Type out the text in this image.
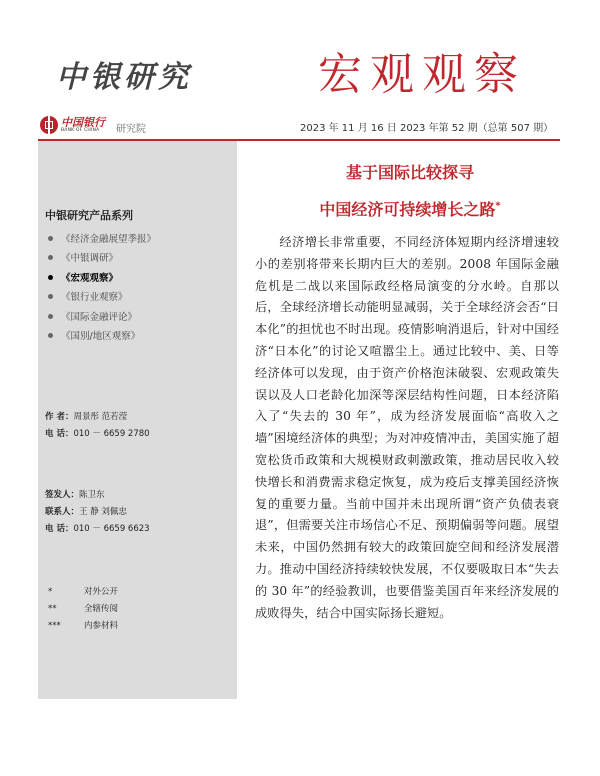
中银研究	宏观观察
中国银行
BANK OF CHINA	研究院	2023 年 11 月 16 日 2023 年第 52 期（总第 507 期）
中银研究产品系列
《经济金融展望季报》
《中银调研》
《宏观观察》
《银行业观察》
《国际金融评论》
《国别/地区观察》
作 者：周景彤 范若滢
电 话：010 － 6659 2780
签发人：陈卫东
联系人：王 静 刘佩忠
电 话：010 － 6659 6623
*	对外公开
**	全辖传阅
***	内参材料
基于国际比较探寻
中国经济可持续增长之路*

经济增长非常重要，不同经济体短期内经济增速较小的差别将带来长期内巨大的差别。2008 年国际金融危机是二战以来国际政经格局演变的分水岭。自那以后，全球经济增长动能明显减弱，关于全球经济会否“日本化”的担忧也不时出现。疫情影响消退后，针对中国经济“日本化”的讨论又喧嚣尘上。通过比较中、美、日等经济体可以发现，由于资产价格泡沫破裂、宏观政策失误以及人口老龄化加深等深层结构性问题，日本经济陷入了“失去的 30 年”，成为经济发展面临“高收入之墙”困境经济体的典型；为对冲疫情冲击，美国实施了超宽松货币政策和大规模财政刺激政策，推动居民收入较快增长和消费需求稳定恢复，成为疫后支撑美国经济恢复的重要力量。当前中国并未出现所谓“资产负债表衰退”，但需要关注市场信心不足、预期偏弱等问题。展望未来，中国仍然拥有较大的政策回旋空间和经济发展潜力。推动中国经济持续较快发展，不仅要吸取日本“失去的 30 年”的经验教训，也要借鉴美国百年来经济发展的成败得失，结合中国实际扬长避短。
